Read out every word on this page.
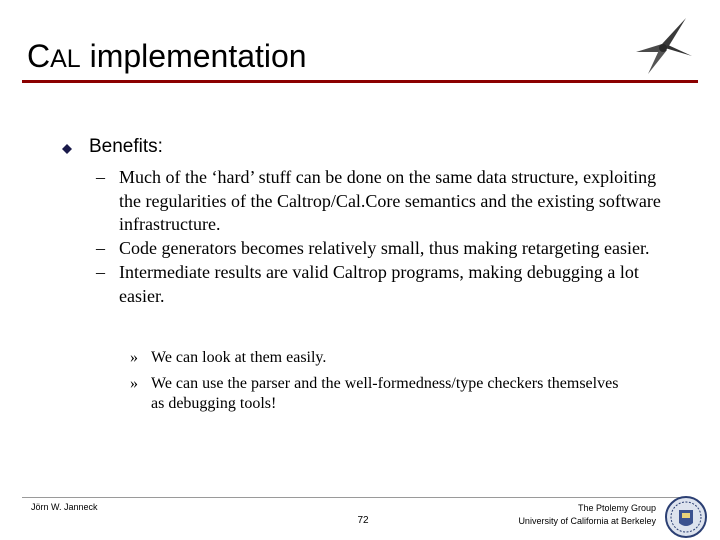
CAL implementation
Benefits:
– Much of the ‘hard’ stuff can be done on the same data structure, exploiting the regularities of the Caltrop/Cal.Core semantics and the existing software infrastructure.
– Code generators becomes relatively small, thus making retargeting easier.
– Intermediate results are valid Caltrop programs, making debugging a lot easier.
» We can look at them easily.
» We can use the parser and the well-formedness/type checkers themselves as debugging tools!
Jörn W. Janneck
72
The Ptolemy Group
University of California at Berkeley
